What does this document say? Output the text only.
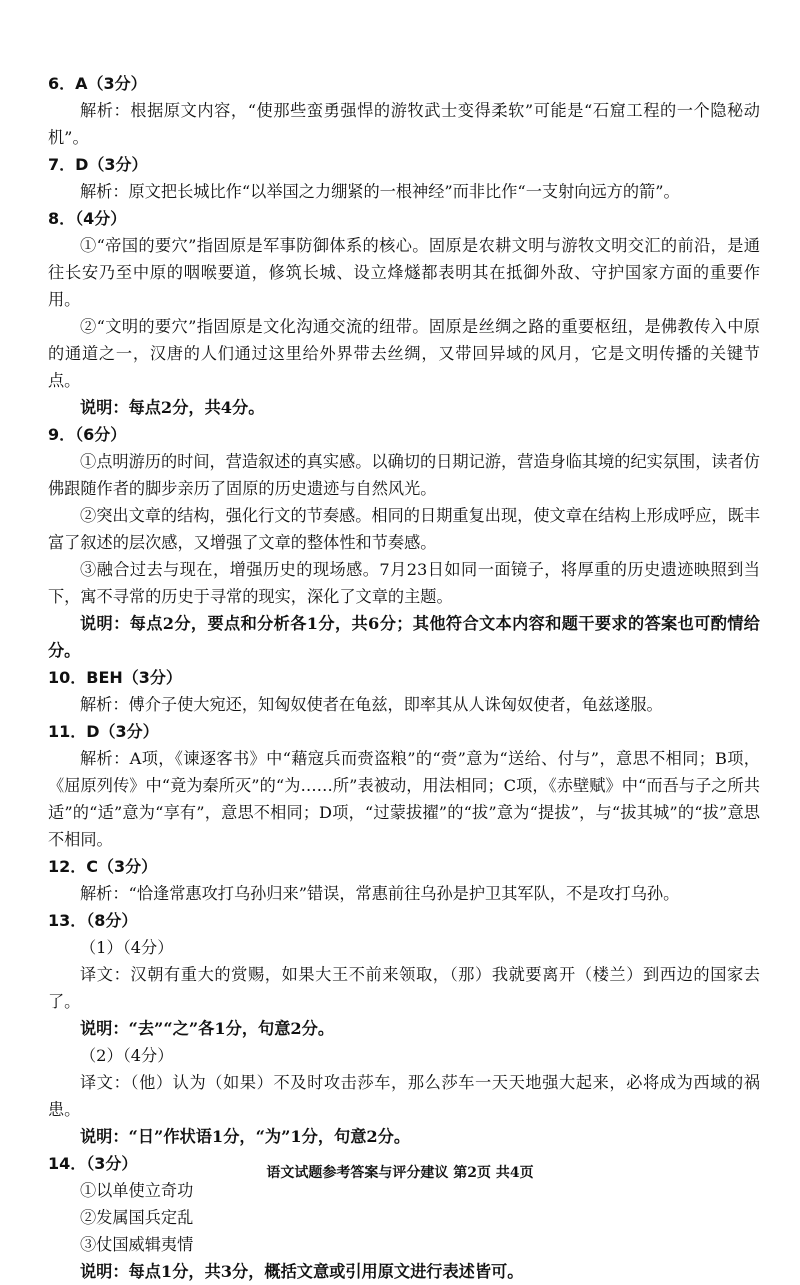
6．A（3分）
解析：根据原文内容，“使那些蛮勇强悍的游牧武士变得柔软”可能是“石窟工程的一个隐秘动机”。
7．D（3分）
解析：原文把长城比作“以举国之力绷紧的一根神经”而非比作“一支射向远方的箭”。
8．（4分）
①“帝国的要穴”指固原是军事防御体系的核心。固原是农耕文明与游牧文明交汇的前沿，是通往长安乃至中原的咽喉要道，修筑长城、设立烽燧都表明其在抵御外敌、守护国家方面的重要作用。
②“文明的要穴”指固原是文化沟通交流的纽带。固原是丝绸之路的重要枢纽，是佛教传入中原的通道之一，汉唐的人们通过这里给外界带去丝绸，又带回异域的风月，它是文明传播的关键节点。
说明：每点2分，共4分。
9．（6分）
①点明游历的时间，营造叙述的真实感。以确切的日期记游，营造身临其境的纪实氛围，读者仿佛跟随作者的脚步亲历了固原的历史遗迹与自然风光。
②突出文章的结构，强化行文的节奏感。相同的日期重复出现，使文章在结构上形成呼应，既丰富了叙述的层次感，又增强了文章的整体性和节奏感。
③融合过去与现在，增强历史的现场感。7月23日如同一面镜子，将厚重的历史遗迹映照到当下，寓不寻常的历史于寻常的现实，深化了文章的主题。
说明：每点2分，要点和分析各1分，共6分；其他符合文本内容和题干要求的答案也可酌情给分。
10．BEH（3分）
解析：傅介子使大宛还，知匈奴使者在龟兹，即率其从人诛匈奴使者，龟兹遂服。
11．D（3分）
解析：A项，《谏逐客书》中“藉寇兵而赍盗粮”的“赍”意为“送给、付与”，意思不相同；B项，《屈原列传》中“竟为秦所灭”的“为……所”表被动，用法相同；C项，《赤壁赋》中“而吾与子之所共适”的“适”意为“享有”，意思不相同；D项，“过蒙拔擢”的“拔”意为“提拔”，与“拔其城”的“拔”意思不相同。
12．C（3分）
解析：“恰逢常惠攻打乌孙归来”错误，常惠前往乌孙是护卫其军队，不是攻打乌孙。
13．（8分）
（1）（4分）
译文：汉朝有重大的赏赐，如果大王不前来领取，（那）我就要离开（楼兰）到西边的国家去了。
说明：“去”“之”各1分，句意2分。
（2）（4分）
译文：（他）认为（如果）不及时攻击莎车，那么莎车一天天地强大起来，必将成为西域的祸患。
说明：“日”作状语1分，“为”1分，句意2分。
14．（3分）
①以单使立奇功
②发属国兵定乱
③仗国威辑夷情
说明：每点1分，共3分，概括文意或引用原文进行表述皆可。
语文试题参考答案与评分建议 第2页 共4页
